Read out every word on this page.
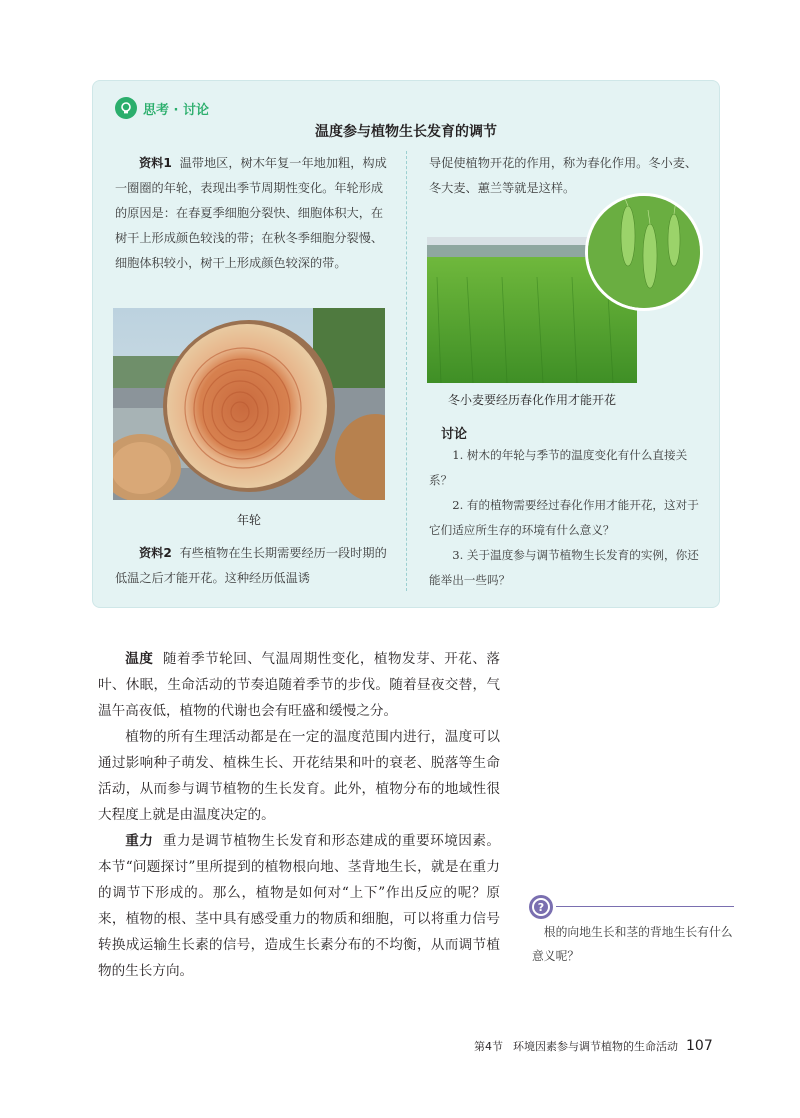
思考 · 讨论
温度参与植物生长发育的调节
资料1 温带地区，树木年复一年地加粗，构成一圈圈的年轮，表现出季节周期性变化。年轮形成的原因是：在春夏季细胞分裂快、细胞体积大，在树干上形成颜色较浅的带；在秋冬季细胞分裂慢、细胞体积较小，树干上形成颜色较深的带。
年轮
资料2 有些植物在生长期需要经历一段时期的低温之后才能开花。这种经历低温诱
导促使植物开花的作用，称为春化作用。冬小麦、冬大麦、蕙兰等就是这样。
冬小麦要经历春化作用才能开花
讨论

1. 树木的年轮与季节的温度变化有什么直接关系？

2. 有的植物需要经过春化作用才能开花，这对于它们适应所生存的环境有什么意义？

3. 关于温度参与调节植物生长发育的实例，你还能举出一些吗？

温度 随着季节轮回、气温周期性变化，植物发芽、开花、落叶、休眠，生命活动的节奏追随着季节的步伐。随着昼夜交替，气温午高夜低，植物的代谢也会有旺盛和缓慢之分。

植物的所有生理活动都是在一定的温度范围内进行，温度可以通过影响种子萌发、植株生长、开花结果和叶的衰老、脱落等生命活动，从而参与调节植物的生长发育。此外，植物分布的地域性很大程度上就是由温度决定的。

重力 重力是调节植物生长发育和形态建成的重要环境因素。本节“问题探讨”里所提到的植物根向地、茎背地生长，就是在重力的调节下形成的。那么，植物是如何对“上下”作出反应的呢？原来，植物的根、茎中具有感受重力的物质和细胞，可以将重力信号转换成运输生长素的信号，造成生长素分布的不均衡，从而调节植物的生长方向。

?
根的向地生长和茎的背地生长有什么意义呢？
第4节 环境因素参与调节植物的生命活动 107
